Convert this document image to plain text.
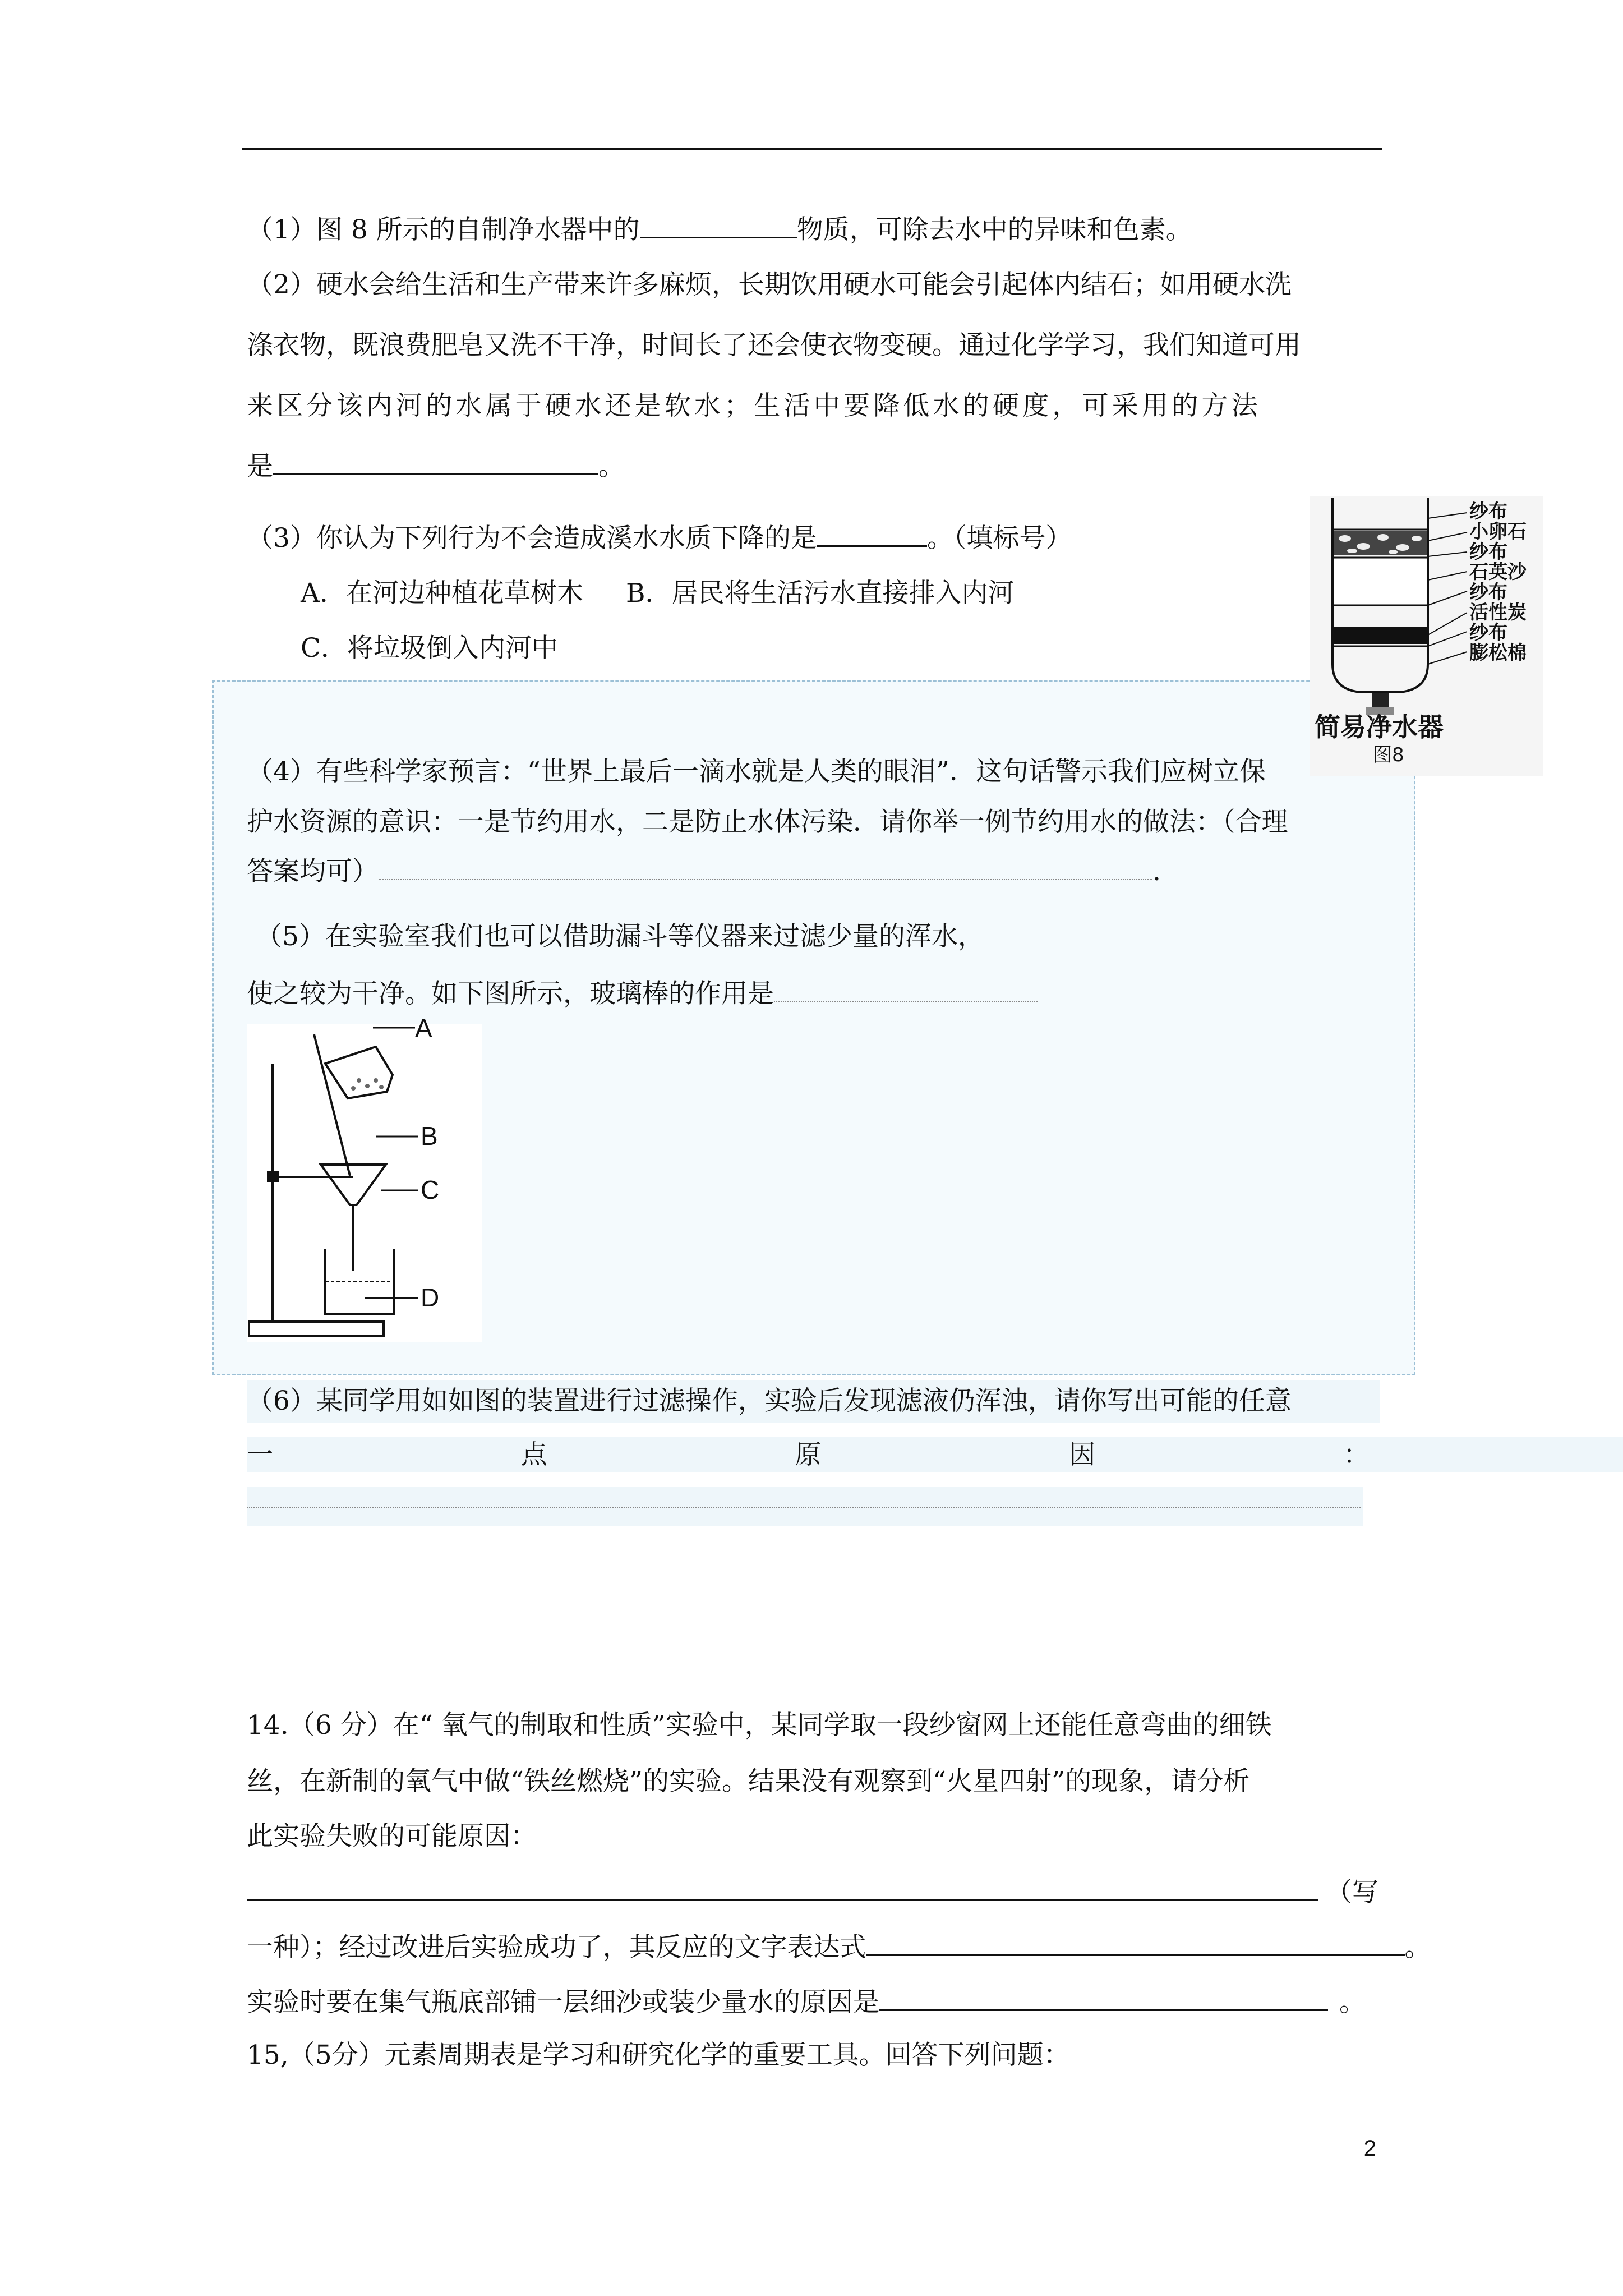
（1）图 8 所示的自制净水器中的	物质，可除去水中的异味和色素。
（2）硬水会给生活和生产带来许多麻烦，长期饮用硬水可能会引起体内结石；如用硬水洗
涤衣物，既浪费肥皂又洗不干净，时间长了还会使衣物变硬。通过化学学习，我们知道可用
来区分该内河的水属于硬水还是软水；生活中要降低水的硬度，可采用的方法
是	。
（3）你认为下列行为不会造成溪水水质下降的是	。（填标号）
A．在河边种植花草树木 B．居民将生活污水直接排入内河
C．将垃圾倒入内河中
纱布
小卵石
纱布
石英沙
纱布
活性炭
纱布
膨松棉
简易净水器
图8
（4）有些科学家预言：“世界上最后一滴水就是人类的眼泪”．这句话警示我们应树立保
护水资源的意识：一是节约用水，二是防止水体污染．请你举一例节约用水的做法：（合理
答案均可）	.
（5）在实验室我们也可以借助漏斗等仪器来过滤少量的浑水，
使之较为干净。如下图所示，玻璃棒的作用是
A
B
C
D
（6）某同学用如如图的装置进行过滤操作，实验后发现滤液仍浑浊，请你写出可能的任意
一	点	原	因	：
14.（6 分）在“ 氧气的制取和性质”实验中，某同学取一段纱窗网上还能任意弯曲的细铁
丝，在新制的氧气中做“铁丝燃烧”的实验。结果没有观察到“火星四射”的现象，请分析
此实验失败的可能原因：
（写
一种）；经过改进后实验成功了，其反应的文字表达式	。
实验时要在集气瓶底部铺一层细沙或装少量水的原因是	。
15,（5分）元素周期表是学习和研究化学的重要工具。回答下列问题：
2
